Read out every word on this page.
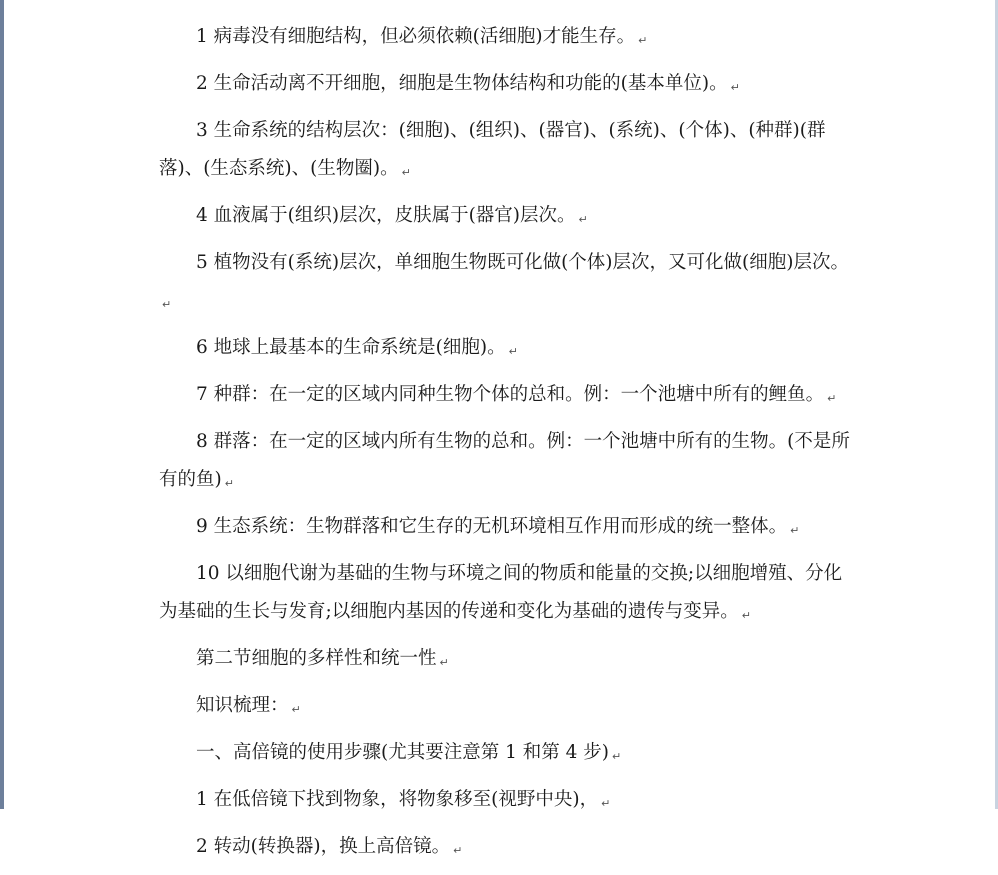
1 病毒没有细胞结构，但必须依赖(活细胞)才能生存。 ↵

2 生命活动离不开细胞，细胞是生物体结构和功能的(基本单位)。 ↵

3 生命系统的结构层次：(细胞)、(组织)、(器官)、(系统)、(个体)、(种群)(群落)、(生态系统)、(生物圈)。 ↵

4 血液属于(组织)层次，皮肤属于(器官)层次。 ↵

5 植物没有(系统)层次，单细胞生物既可化做(个体)层次，又可化做(细胞)层次。↵

6 地球上最基本的生命系统是(细胞)。 ↵

7 种群：在一定的区域内同种生物个体的总和。例：一个池塘中所有的鲤鱼。 ↵

8 群落：在一定的区域内所有生物的总和。例：一个池塘中所有的生物。(不是所有的鱼) ↵

9 生态系统：生物群落和它生存的无机环境相互作用而形成的统一整体。 ↵

10 以细胞代谢为基础的生物与环境之间的物质和能量的交换;以细胞增殖、分化为基础的生长与发育;以细胞内基因的传递和变化为基础的遗传与变异。 ↵

第二节细胞的多样性和统一性 ↵

知识梳理： ↵

一、高倍镜的使用步骤(尤其要注意第 1 和第 4 步) ↵

1 在低倍镜下找到物象，将物象移至(视野中央)， ↵

2 转动(转换器)，换上高倍镜。 ↵
